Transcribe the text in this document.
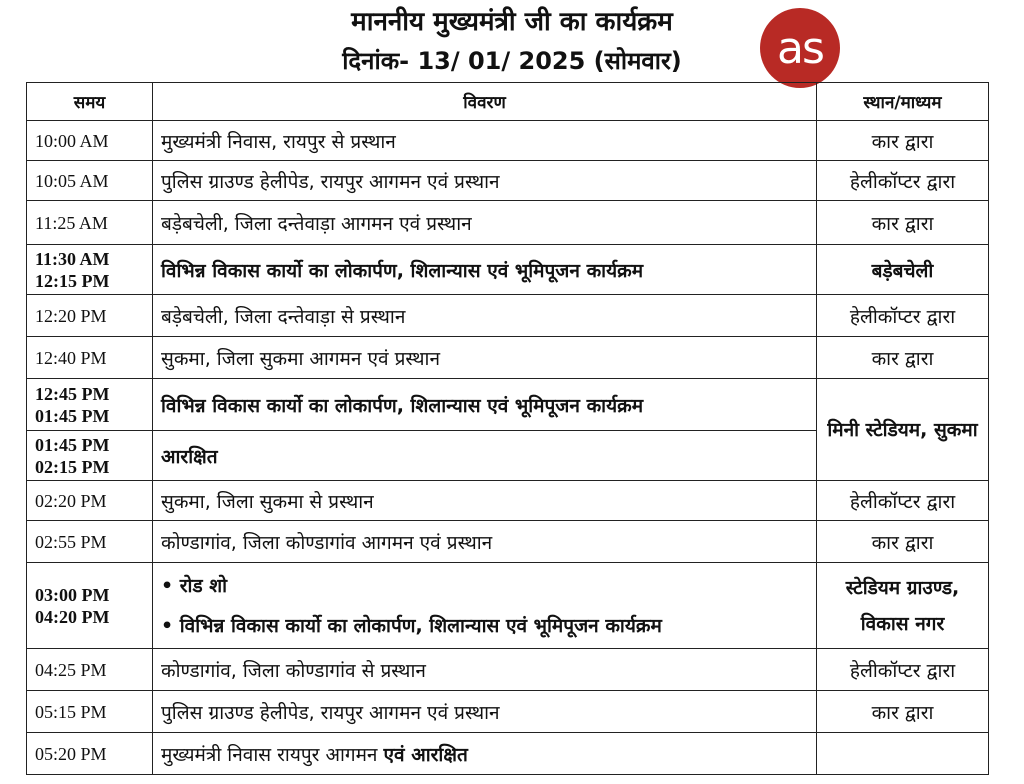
माननीय मुख्यमंत्री जी का कार्यक्रम
दिनांक- 13/ 01/ 2025 (सोमवार)	as
समय	विवरण	स्थान/माध्यम

10:00 AM	मुख्यमंत्री निवास, रायपुर से प्रस्थान	कार द्वारा

10:05 AM	पुलिस ग्राउण्ड हेलीपेड, रायपुर आगमन एवं प्रस्थान	हेलीकॉप्टर द्वारा

11:25 AM	बड़ेबचेली, जिला दन्तेवाड़ा आगमन एवं प्रस्थान	कार द्वारा

11:30 AM
12:15 PM	विभिन्न विकास कार्यो का लोकार्पण, शिलान्यास एवं भूमिपूजन कार्यक्रम	बड़ेबचेली

12:20 PM	बड़ेबचेली, जिला दन्तेवाड़ा से प्रस्थान	हेलीकॉप्टर द्वारा

12:40 PM	सुकमा, जिला सुकमा आगमन एवं प्रस्थान	कार द्वारा

12:45 PM
01:45 PM	विभिन्न विकास कार्यो का लोकार्पण, शिलान्यास एवं भूमिपूजन कार्यक्रम	मिनी स्टेडियम, सुकमा

01:45 PM
02:15 PM	आरक्षित	

02:20 PM	सुकमा, जिला सुकमा से प्रस्थान	हेलीकॉप्टर द्वारा

02:55 PM	कोण्डागांव, जिला कोण्डागांव आगमन एवं प्रस्थान	कार द्वारा

03:00 PM
04:20 PM	• रोड शो
• विभिन्न विकास कार्यो का लोकार्पण, शिलान्यास एवं भूमिपूजन कार्यक्रम	स्टेडियम ग्राउण्ड,
विकास नगर

04:25 PM	कोण्डागांव, जिला कोण्डागांव से प्रस्थान	हेलीकॉप्टर द्वारा

05:15 PM	पुलिस ग्राउण्ड हेलीपेड, रायपुर आगमन एवं प्रस्थान	कार द्वारा

05:20 PM	मुख्यमंत्री निवास रायपुर आगमन एवं आरक्षित	
